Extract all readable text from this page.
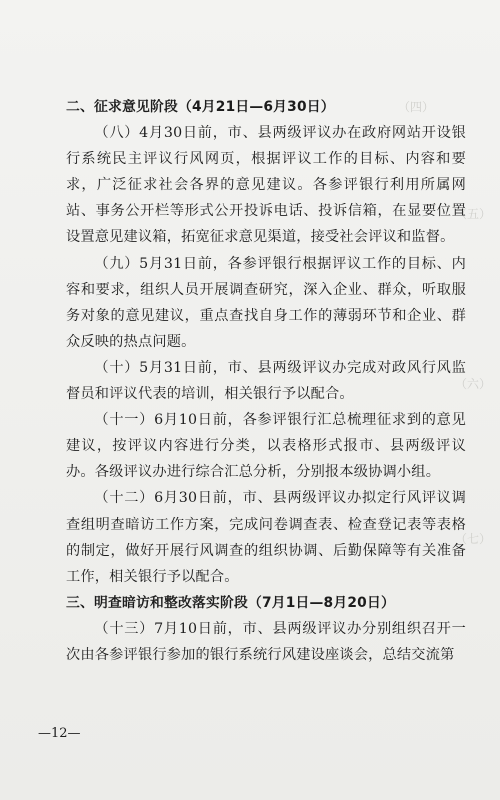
（四）
（五）
（六）
（七）

二、征求意见阶段（4月21日—6月30日）

（八）4月30日前，市、县两级评议办在政府网站开设银行系统民主评议行风网页，根据评议工作的目标、内容和要求，广泛征求社会各界的意见建议。各参评银行利用所属网站、事务公开栏等形式公开投诉电话、投诉信箱，在显要位置设置意见建议箱，拓宽征求意见渠道，接受社会评议和监督。

（九）5月31日前，各参评银行根据评议工作的目标、内容和要求，组织人员开展调查研究，深入企业、群众，听取服务对象的意见建议，重点查找自身工作的薄弱环节和企业、群众反映的热点问题。

（十）5月31日前，市、县两级评议办完成对政风行风监督员和评议代表的培训，相关银行予以配合。

（十一）6月10日前，各参评银行汇总梳理征求到的意见建议，按评议内容进行分类，以表格形式报市、县两级评议办。各级评议办进行综合汇总分析，分别报本级协调小组。

（十二）6月30日前，市、县两级评议办拟定行风评议调查组明查暗访工作方案，完成问卷调查表、检查登记表等表格的制定，做好开展行风调查的组织协调、后勤保障等有关准备工作，相关银行予以配合。

三、明查暗访和整改落实阶段（7月1日—8月20日）

（十三）7月10日前，市、县两级评议办分别组织召开一次由各参评银行参加的银行系统行风建设座谈会，总结交流第

—12—
